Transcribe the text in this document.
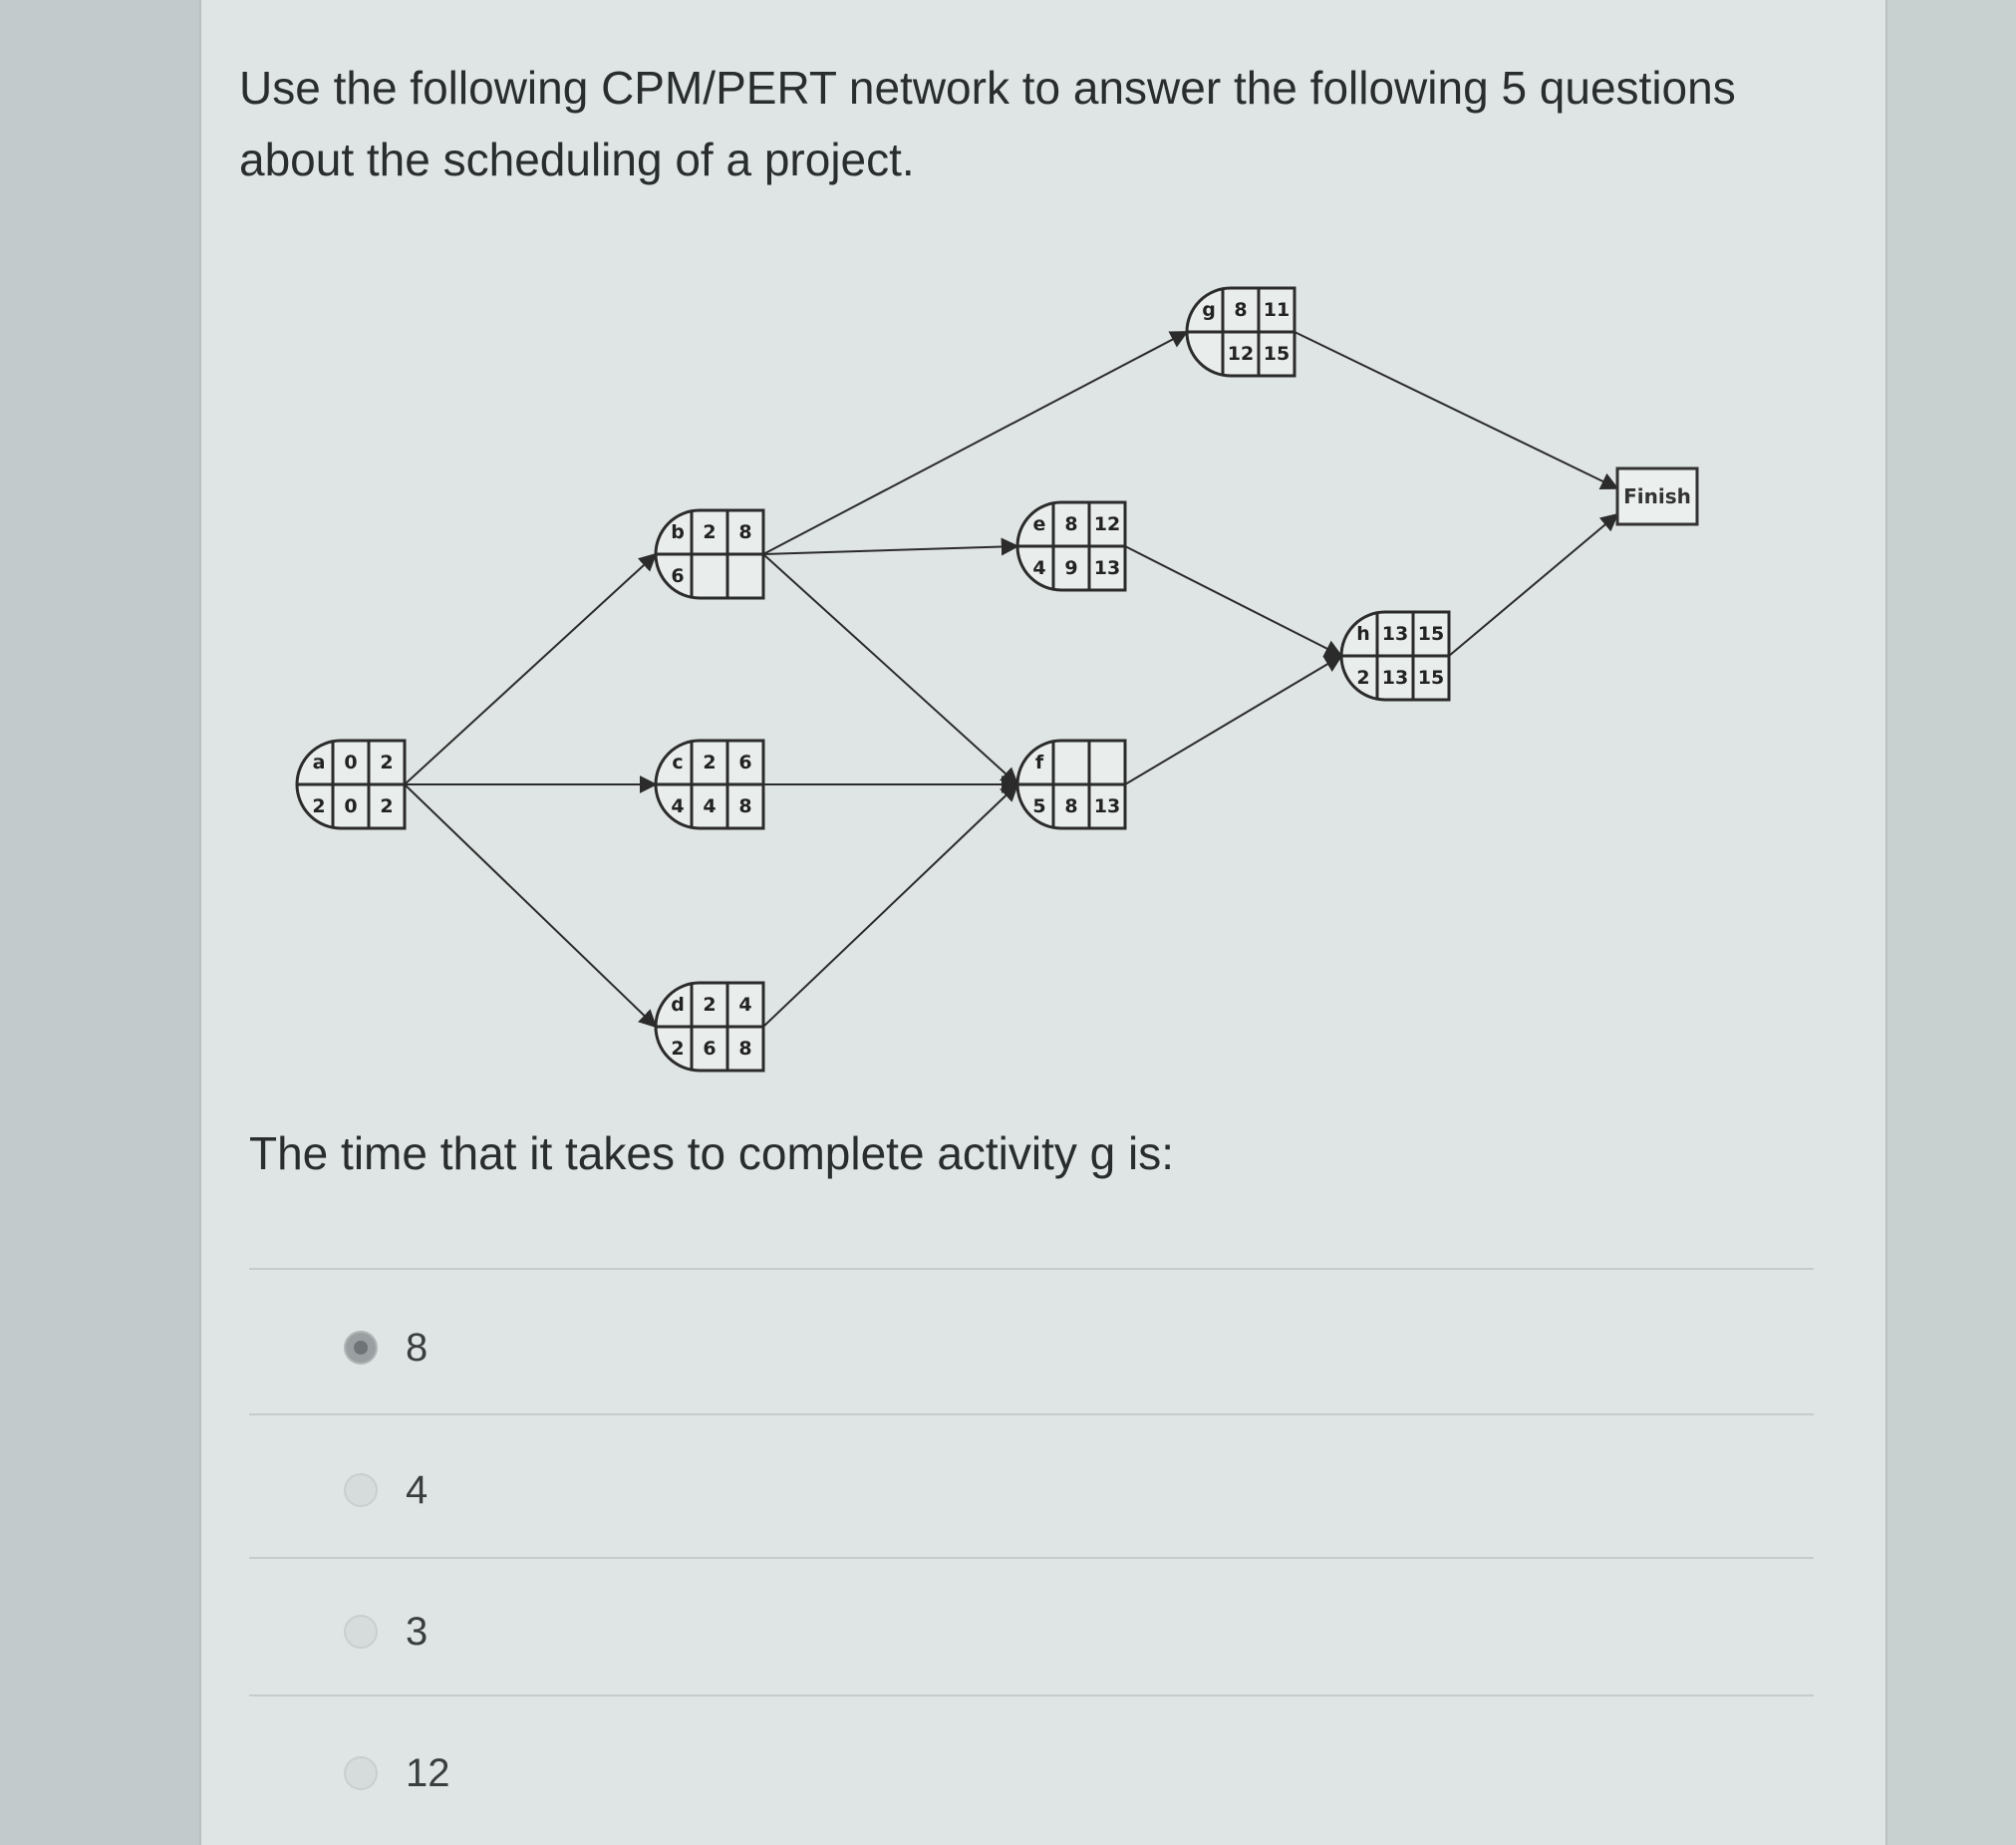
Use the following CPM/PERT network to answer the following 5 questions
about the scheduling of a project.
a 0 2
2 0 2
b 2 8
6
c 2 6
4 4 8
d 2 4
2 6 8
e 8 12
4 9 13
f
5 8 13
g 8 11
12 15
h 13 15
2 13 15
Finish
The time that it takes to complete activity g is:
8
4
3
12
